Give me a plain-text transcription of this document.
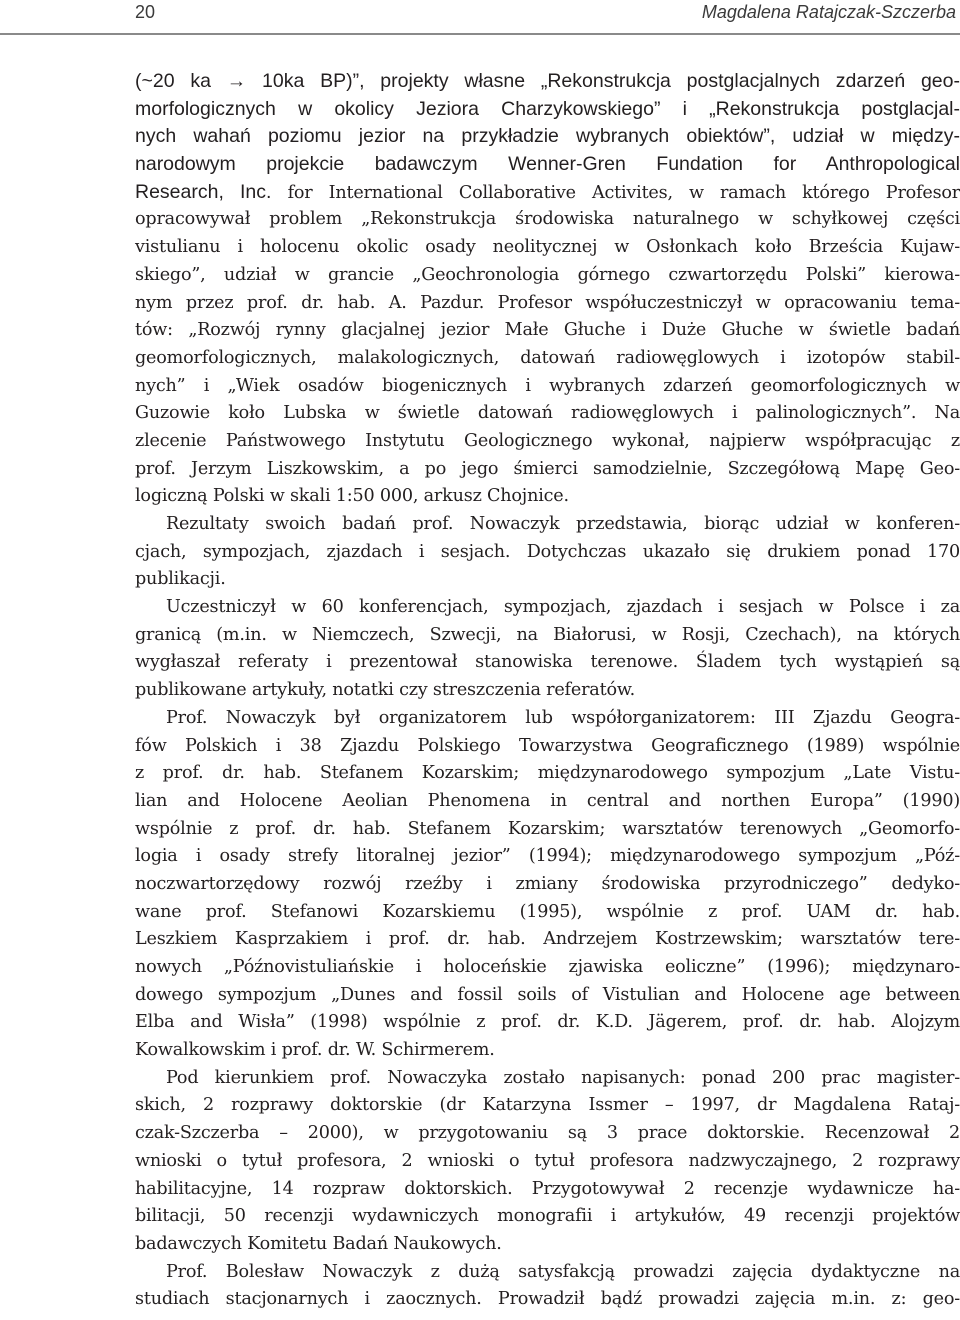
20	Magdalena Ratajczak-Szczerba
(~20 ka → 10ka BP)”, projekty własne „Rekonstrukcja postglacjalnych zdarzeń geo-
morfologicznych w okolicy Jeziora Charzykowskiego” i „Rekonstrukcja postglacjal-
nych wahań poziomu jezior na przykładzie wybranych obiektów”, udział w między-
narodowym projekcie badawczym Wenner-Gren Fundation for Anthropological
Research, Inc. for International Collaborative Activites, w ramach którego Profesor
opracowywał problem „Rekonstrukcja środowiska naturalnego w schyłkowej części
vistulianu i holocenu okolic osady neolitycznej w Osłonkach koło Brześcia Kujaw-
skiego”, udział w grancie „Geochronologia górnego czwartorzędu Polski” kierowa-
nym przez prof. dr. hab. A. Pazdur. Profesor współuczestniczył w opracowaniu tema-
tów: „Rozwój rynny glacjalnej jezior Małe Głuche i Duże Głuche w świetle badań
geomorfologicznych, malakologicznych, datowań radiowęglowych i izotopów stabil-
nych” i „Wiek osadów biogenicznych i wybranych zdarzeń geomorfologicznych w
Guzowie koło Lubska w świetle datowań radiowęglowych i palinologicznych”. Na
zlecenie Państwowego Instytutu Geologicznego wykonał, najpierw współpracując z
prof. Jerzym Liszkowskim, a po jego śmierci samodzielnie, Szczegółową Mapę Geo-
logiczną Polski w skali 1:50 000, arkusz Chojnice.
Rezultaty swoich badań prof. Nowaczyk przedstawia, biorąc udział w konferen-
cjach, sympozjach, zjazdach i sesjach. Dotychczas ukazało się drukiem ponad 170
publikacji.
Uczestniczył w 60 konferencjach, sympozjach, zjazdach i sesjach w Polsce i za
granicą (m.in. w Niemczech, Szwecji, na Białorusi, w Rosji, Czechach), na których
wygłaszał referaty i prezentował stanowiska terenowe. Śladem tych wystąpień są
publikowane artykuły, notatki czy streszczenia referatów.
Prof. Nowaczyk był organizatorem lub współorganizatorem: III Zjazdu Geogra-
fów Polskich i 38 Zjazdu Polskiego Towarzystwa Geograficznego (1989) wspólnie
z prof. dr. hab. Stefanem Kozarskim; międzynarodowego sympozjum „Late Vistu-
lian and Holocene Aeolian Phenomena in central and northen Europa” (1990)
wspólnie z prof. dr. hab. Stefanem Kozarskim; warsztatów terenowych „Geomorfo-
logia i osady strefy litoralnej jezior” (1994); międzynarodowego sympozjum „Póź-
noczwartorzędowy rozwój rzeźby i zmiany środowiska przyrodniczego” dedyko-
wane prof. Stefanowi Kozarskiemu (1995), wspólnie z prof. UAM dr. hab.
Leszkiem Kasprzakiem i prof. dr. hab. Andrzejem Kostrzewskim; warsztatów tere-
nowych „Późnovistuliańskie i holoceńskie zjawiska eoliczne” (1996); międzynaro-
dowego sympozjum „Dunes and fossil soils of Vistulian and Holocene age between
Elba and Wisła” (1998) wspólnie z prof. dr. K.D. Jägerem, prof. dr. hab. Alojzym
Kowalkowskim i prof. dr. W. Schirmerem.
Pod kierunkiem prof. Nowaczyka zostało napisanych: ponad 200 prac magister-
skich, 2 rozprawy doktorskie (dr Katarzyna Issmer – 1997, dr Magdalena Rataj-
czak-Szczerba – 2000), w przygotowaniu są 3 prace doktorskie. Recenzował 2
wnioski o tytuł profesora, 2 wnioski o tytuł profesora nadzwyczajnego, 2 rozprawy
habilitacyjne, 14 rozpraw doktorskich. Przygotowywał 2 recenzje wydawnicze ha-
bilitacji, 50 recenzji wydawniczych monografii i artykułów, 49 recenzji projektów
badawczych Komitetu Badań Naukowych.
Prof. Bolesław Nowaczyk z dużą satysfakcją prowadzi zajęcia dydaktyczne na
studiach stacjonarnych i zaocznych. Prowadził bądź prowadzi zajęcia m.in. z: geo-
